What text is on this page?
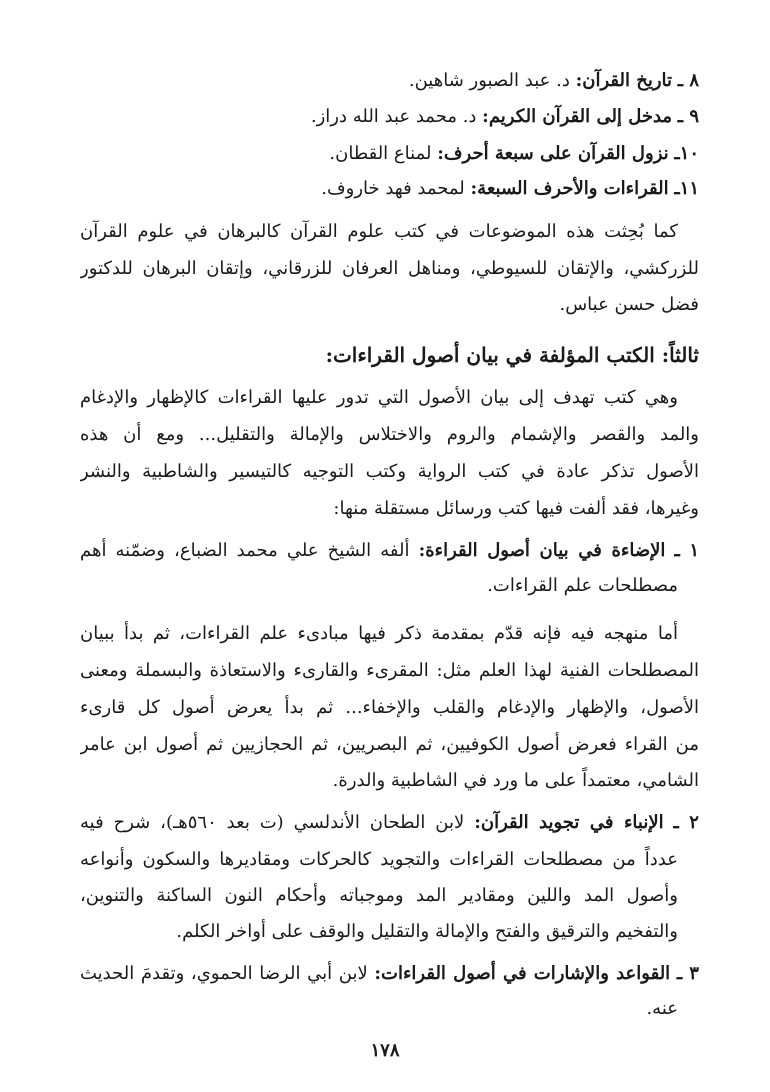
٨ ـ تاريخ القرآن: د. عبد الصبور شاهين.
٩ ـ مدخل إلى القرآن الكريم: د. محمد عبد الله دراز.
١٠ـ نزول القرآن على سبعة أحرف: لمناع القطان.
١١ـ القراءات والأحرف السبعة: لمحمد فهد خاروف.
كما بُحِثت هذه الموضوعات في كتب علوم القرآن كالبرهان في علوم القرآن
للزركشي، والإتقان للسيوطي، ومناهل العرفان للزرقاني، وإتقان البرهان للدكتور
فضل حسن عباس.
ثالثاً: الكتب المؤلفة في بيان أصول القراءات:
وهي كتب تهدف إلى بيان الأصول التي تدور عليها القراءات كالإظهار والإدغام
والمد والقصر والإشمام والروم والاختلاس والإمالة والتقليل... ومع أن هذه
الأصول تذكر عادة في كتب الرواية وكتب التوجيه كالتيسير والشاطبية والنشر
وغيرها، فقد ألفت فيها كتب ورسائل مستقلة منها:
١ ـ الإضاءة في بيان أصول القراءة: ألفه الشيخ علي محمد الضباع، وضمّنه أهم
مصطلحات علم القراءات.
أما منهجه فيه فإنه قدّم بمقدمة ذكر فيها مبادىء علم القراءات، ثم بدأ ببيان
المصطلحات الفنية لهذا العلم مثل: المقرىء والقارىء والاستعاذة والبسملة ومعنى
الأصول، والإظهار والإدغام والقلب والإخفاء... ثم بدأ يعرض أصول كل قارىء
من القراء فعرض أصول الكوفيين، ثم البصريين، ثم الحجازيين ثم أصول ابن عامر
الشامي، معتمداً على ما ورد في الشاطبية والدرة.
٢ ـ الإنباء في تجويد القرآن: لابن الطحان الأندلسي (ت بعد ٥٦٠هـ)، شرح فيه
عدداً من مصطلحات القراءات والتجويد كالحركات ومقاديرها والسكون وأنواعه
وأصول المد واللين ومقادير المد وموجباته وأحكام النون الساكنة والتنوين،
والتفخيم والترقيق والفتح والإمالة والتقليل والوقف على أواخر الكلم.
٣ ـ القواعد والإشارات في أصول القراءات: لابن أبي الرضا الحموي، وتقدمَ الحديث
عنه.
١٧٨
